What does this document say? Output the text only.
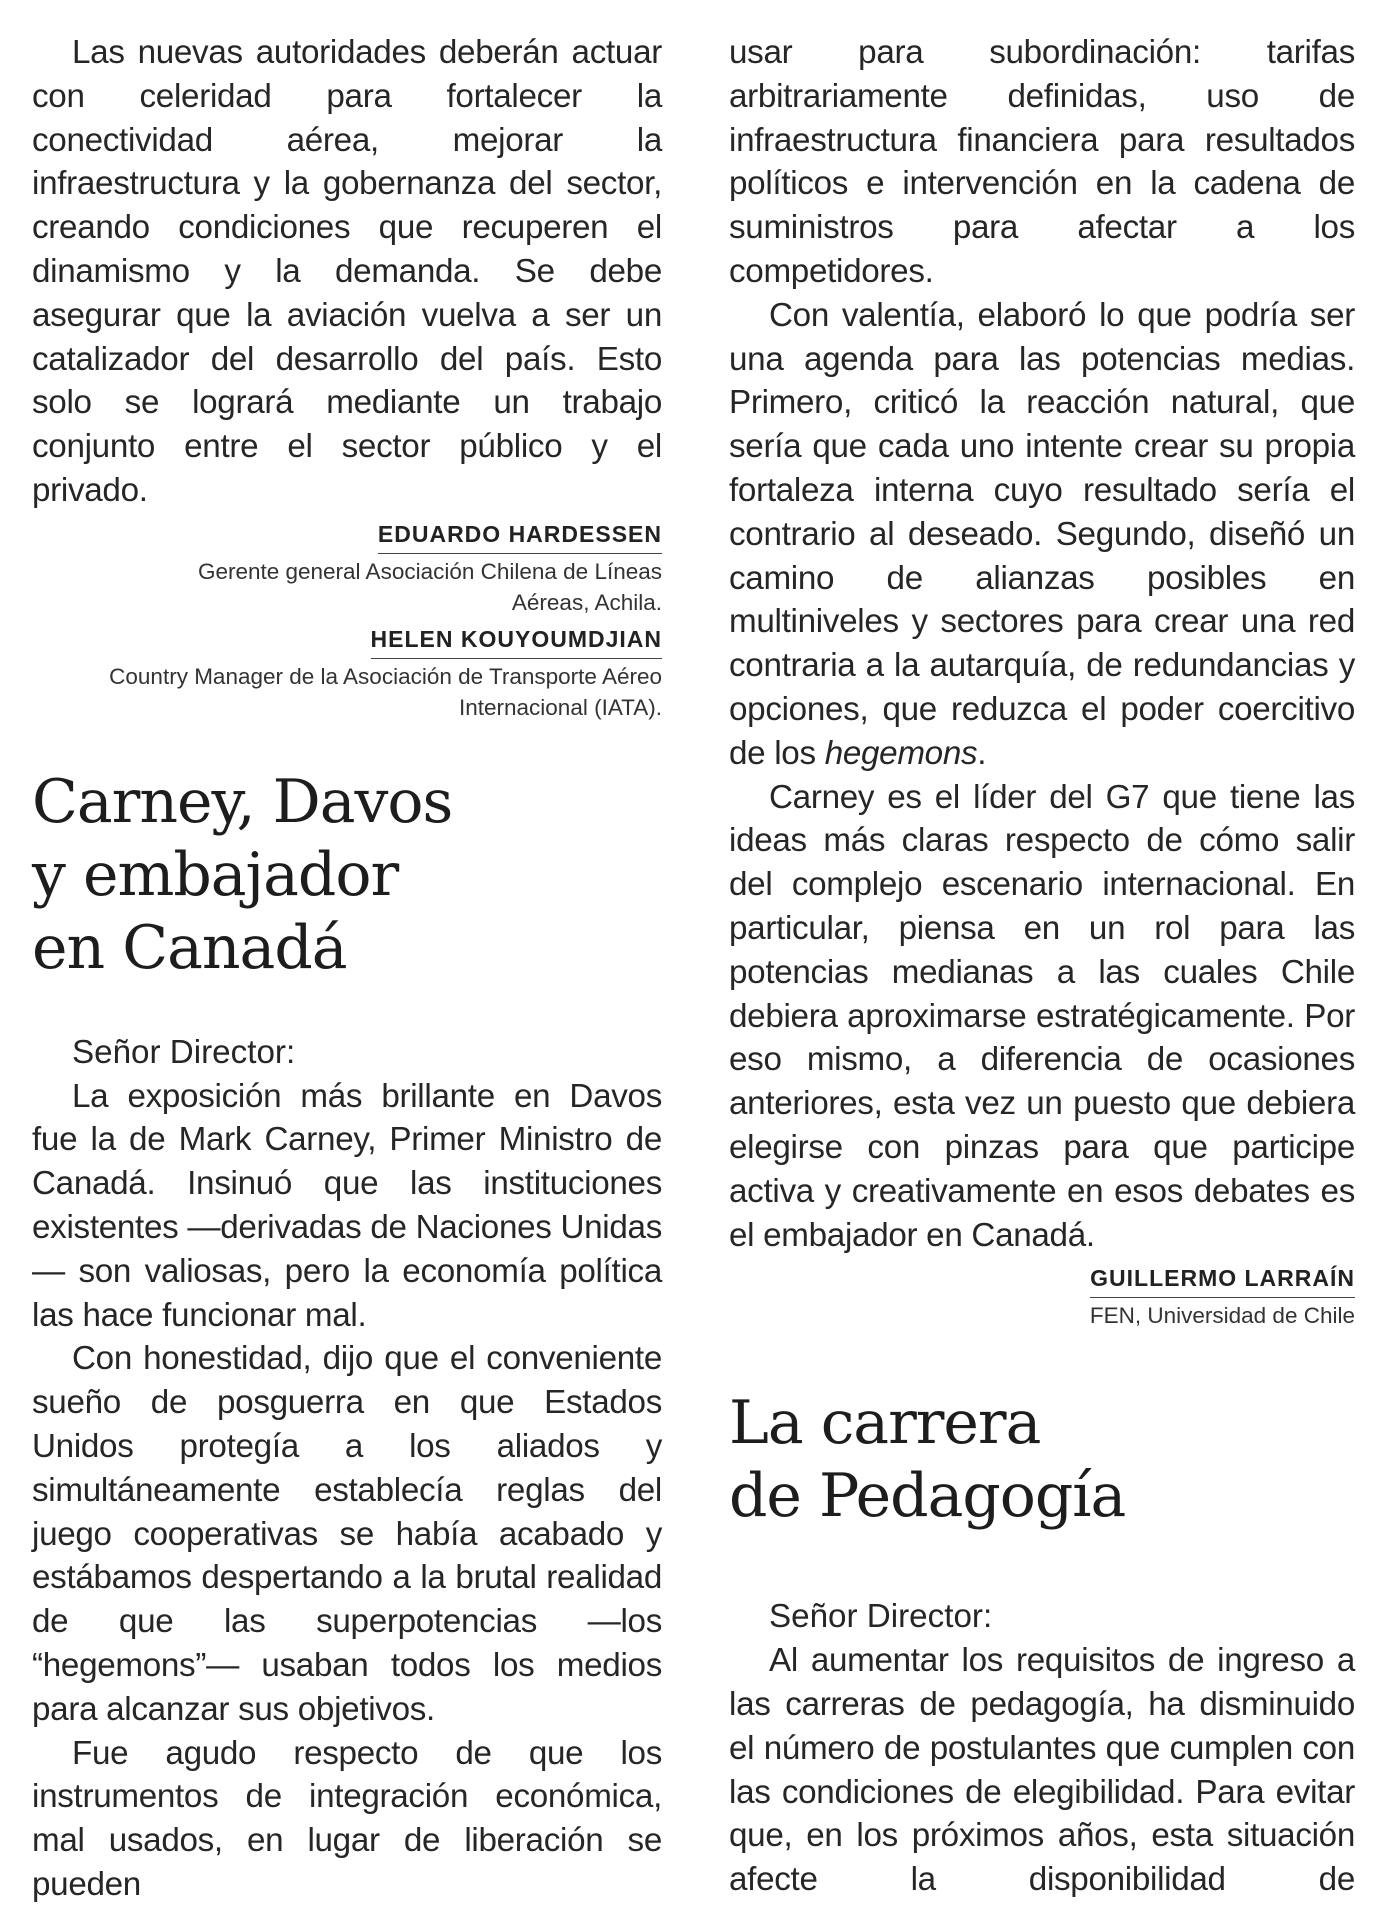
Las nuevas autoridades deberán actuar con celeridad para fortalecer la conectividad aérea, mejorar la infraestructura y la gobernanza del sector, creando condiciones que recuperen el dinamismo y la demanda. Se debe asegurar que la aviación vuelva a ser un catalizador del desarrollo del país. Esto solo se logrará mediante un trabajo conjunto entre el sector público y el privado.

EDUARDO HARDESSEN

Gerente general Asociación Chilena de Líneas Aéreas, Achila.

HELEN KOUYOUMDJIAN

Country Manager de la Asociación de Transporte Aéreo Internacional (IATA).

Carney, Davos
y embajador
en Canadá

Señor Director:

La exposición más brillante en Davos fue la de Mark Carney, Primer Ministro de Canadá. Insinuó que las instituciones existentes —derivadas de Naciones Unidas— son valiosas, pero la economía política las hace funcionar mal.

Con honestidad, dijo que el conveniente sueño de posguerra en que Estados Unidos protegía a los aliados y simultáneamente establecía reglas del juego cooperativas se había acabado y estábamos despertando a la brutal realidad de que las superpotencias —los “hegemons”— usaban todos los medios para alcanzar sus objetivos.

Fue agudo respecto de que los instrumentos de integración económica, mal usados, en lugar de liberación se pueden

usar para subordinación: tarifas arbitrariamente definidas, uso de infraestructura financiera para resultados políticos e intervención en la cadena de suministros para afectar a los competidores.

Con valentía, elaboró lo que podría ser una agenda para las potencias medias. Primero, criticó la reacción natural, que sería que cada uno intente crear su propia fortaleza interna cuyo resultado sería el contrario al deseado. Segundo, diseñó un camino de alianzas posibles en multiniveles y sectores para crear una red contraria a la autarquía, de redundancias y opciones, que reduzca el poder coercitivo de los hegemons.

Carney es el líder del G7 que tiene las ideas más claras respecto de cómo salir del complejo escenario internacional. En particular, piensa en un rol para las potencias medianas a las cuales Chile debiera aproximarse estratégicamente. Por eso mismo, a diferencia de ocasiones anteriores, esta vez un puesto que debiera elegirse con pinzas para que participe activa y creativamente en esos debates es el embajador en Canadá.

GUILLERMO LARRAÍN

FEN, Universidad de Chile

La carrera
de Pedagogía

Señor Director:

Al aumentar los requisitos de ingreso a las carreras de pedagogía, ha disminuido el número de postulantes que cumplen con las condiciones de elegibilidad. Para evitar que, en los próximos años, esta situación afecte la disponibilidad de
